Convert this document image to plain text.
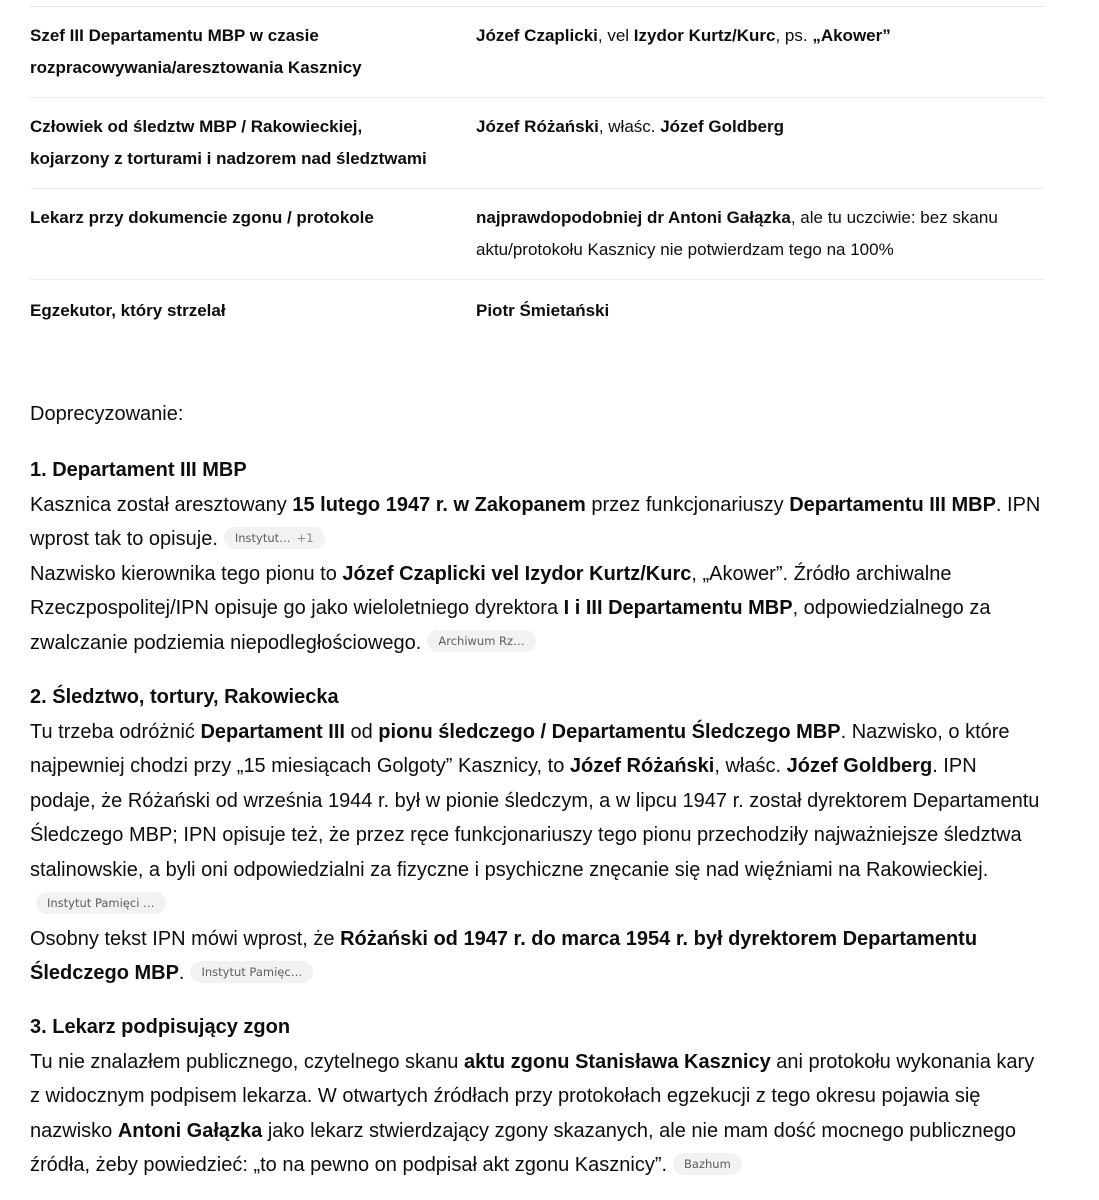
Szef III Departamentu MBP w czasie rozpracowywania/aresztowania Kasznicy	Józef Czaplicki, vel Izydor Kurtz/Kurc, ps. „Akower”
Człowiek od śledztw MBP / Rakowieckiej, kojarzony z torturami i nadzorem nad śledztwami	Józef Różański, właśc. Józef Goldberg
Lekarz przy dokumencie zgonu / protokole	najprawdopodobniej dr Antoni Gałązka, ale tu uczciwie: bez skanu aktu/protokołu Kasznicy nie potwierdzam tego na 100%
Egzekutor, który strzelał	Piotr Śmietański
Doprecyzowanie:
1. Departament III MBP
Kasznica został aresztowany 15 lutego 1947 r. w Zakopanem przez funkcjonariuszy Departamentu III MBP. IPN wprost tak to opisuje. Instytut… +1
Nazwisko kierownika tego pionu to Józef Czaplicki vel Izydor Kurtz/Kurc, „Akower”. Źródło archiwalne Rzeczpospolitej/IPN opisuje go jako wieloletniego dyrektora I i III Departamentu MBP, odpowiedzialnego za zwalczanie podziemia niepodległościowego. Archiwum Rz…
2. Śledztwo, tortury, Rakowiecka
Tu trzeba odróżnić Departament III od pionu śledczego / Departamentu Śledczego MBP. Nazwisko, o które najpewniej chodzi przy „15 miesiącach Golgoty” Kasznicy, to Józef Różański, właśc. Józef Goldberg. IPN podaje, że Różański od września 1944 r. był w pionie śledczym, a w lipcu 1947 r. został dyrektorem Departamentu Śledczego MBP; IPN opisuje też, że przez ręce funkcjonariuszy tego pionu przechodziły najważniejsze śledztwa stalinowskie, a byli oni odpowiedzialni za fizyczne i psychiczne znęcanie się nad więźniami na Rakowieckiej.Instytut Pamięci …
Osobny tekst IPN mówi wprost, że Różański od 1947 r. do marca 1954 r. był dyrektorem Departamentu Śledczego MBP. Instytut Pamięc…
3. Lekarz podpisujący zgon
Tu nie znalazłem publicznego, czytelnego skanu aktu zgonu Stanisława Kasznicy ani protokołu wykonania kary z widocznym podpisem lekarza. W otwartych źródłach przy protokołach egzekucji z tego okresu pojawia się nazwisko Antoni Gałązka jako lekarz stwierdzający zgony skazanych, ale nie mam dość mocnego publicznego źródła, żeby powiedzieć: „to na pewno on podpisał akt zgonu Kasznicy”. Bazhum
